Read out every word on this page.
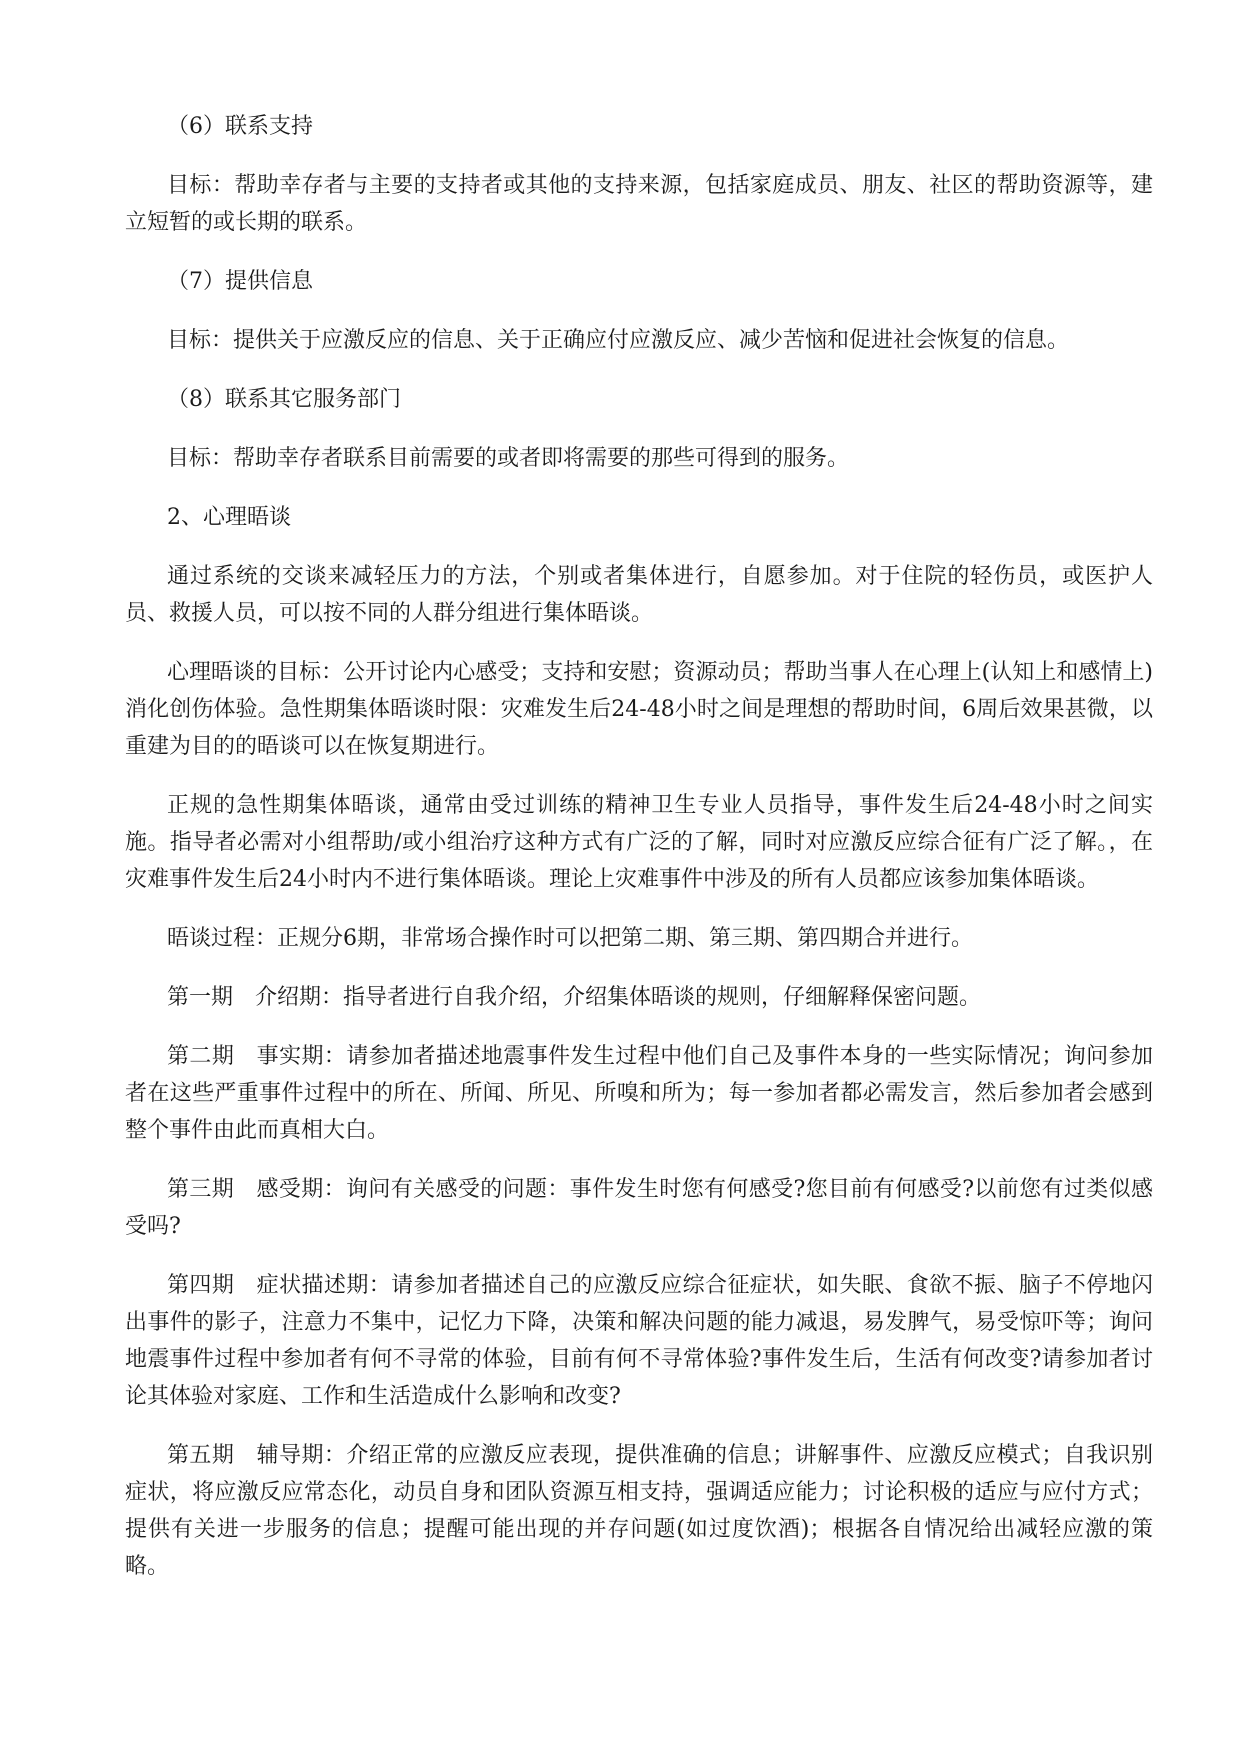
（6）联系支持

目标：帮助幸存者与主要的支持者或其他的支持来源，包括家庭成员、朋友、社区的帮助资源等，建立短暂的或长期的联系。

（7）提供信息

目标：提供关于应激反应的信息、关于正确应付应激反应、减少苦恼和促进社会恢复的信息。

（8）联系其它服务部门

目标：帮助幸存者联系目前需要的或者即将需要的那些可得到的服务。

2、心理晤谈

通过系统的交谈来减轻压力的方法，个别或者集体进行，自愿参加。对于住院的轻伤员，或医护人员、救援人员，可以按不同的人群分组进行集体晤谈。

心理晤谈的目标：公开讨论内心感受；支持和安慰；资源动员；帮助当事人在心理上(认知上和感情上)消化创伤体验。急性期集体晤谈时限：灾难发生后24-48小时之间是理想的帮助时间，6周后效果甚微，以重建为目的的晤谈可以在恢复期进行。

正规的急性期集体晤谈，通常由受过训练的精神卫生专业人员指导，事件发生后24-48小时之间实施。指导者必需对小组帮助/或小组治疗这种方式有广泛的了解，同时对应激反应综合征有广泛了解。，在灾难事件发生后24小时内不进行集体晤谈。理论上灾难事件中涉及的所有人员都应该参加集体晤谈。

晤谈过程：正规分6期，非常场合操作时可以把第二期、第三期、第四期合并进行。

第一期　介绍期：指导者进行自我介绍，介绍集体晤谈的规则，仔细解释保密问题。

第二期　事实期：请参加者描述地震事件发生过程中他们自己及事件本身的一些实际情况；询问参加者在这些严重事件过程中的所在、所闻、所见、所嗅和所为；每一参加者都必需发言，然后参加者会感到整个事件由此而真相大白。

第三期　感受期：询问有关感受的问题：事件发生时您有何感受?您目前有何感受?以前您有过类似感受吗?

第四期　症状描述期：请参加者描述自己的应激反应综合征症状，如失眠、食欲不振、脑子不停地闪出事件的影子，注意力不集中，记忆力下降，决策和解决问题的能力减退，易发脾气，易受惊吓等；询问地震事件过程中参加者有何不寻常的体验，目前有何不寻常体验?事件发生后，生活有何改变?请参加者讨论其体验对家庭、工作和生活造成什么影响和改变?

第五期　辅导期：介绍正常的应激反应表现，提供准确的信息；讲解事件、应激反应模式；自我识别症状，将应激反应常态化，动员自身和团队资源互相支持，强调适应能力；讨论积极的适应与应付方式；提供有关进一步服务的信息；提醒可能出现的并存问题(如过度饮酒)；根据各自情况给出减轻应激的策略。
